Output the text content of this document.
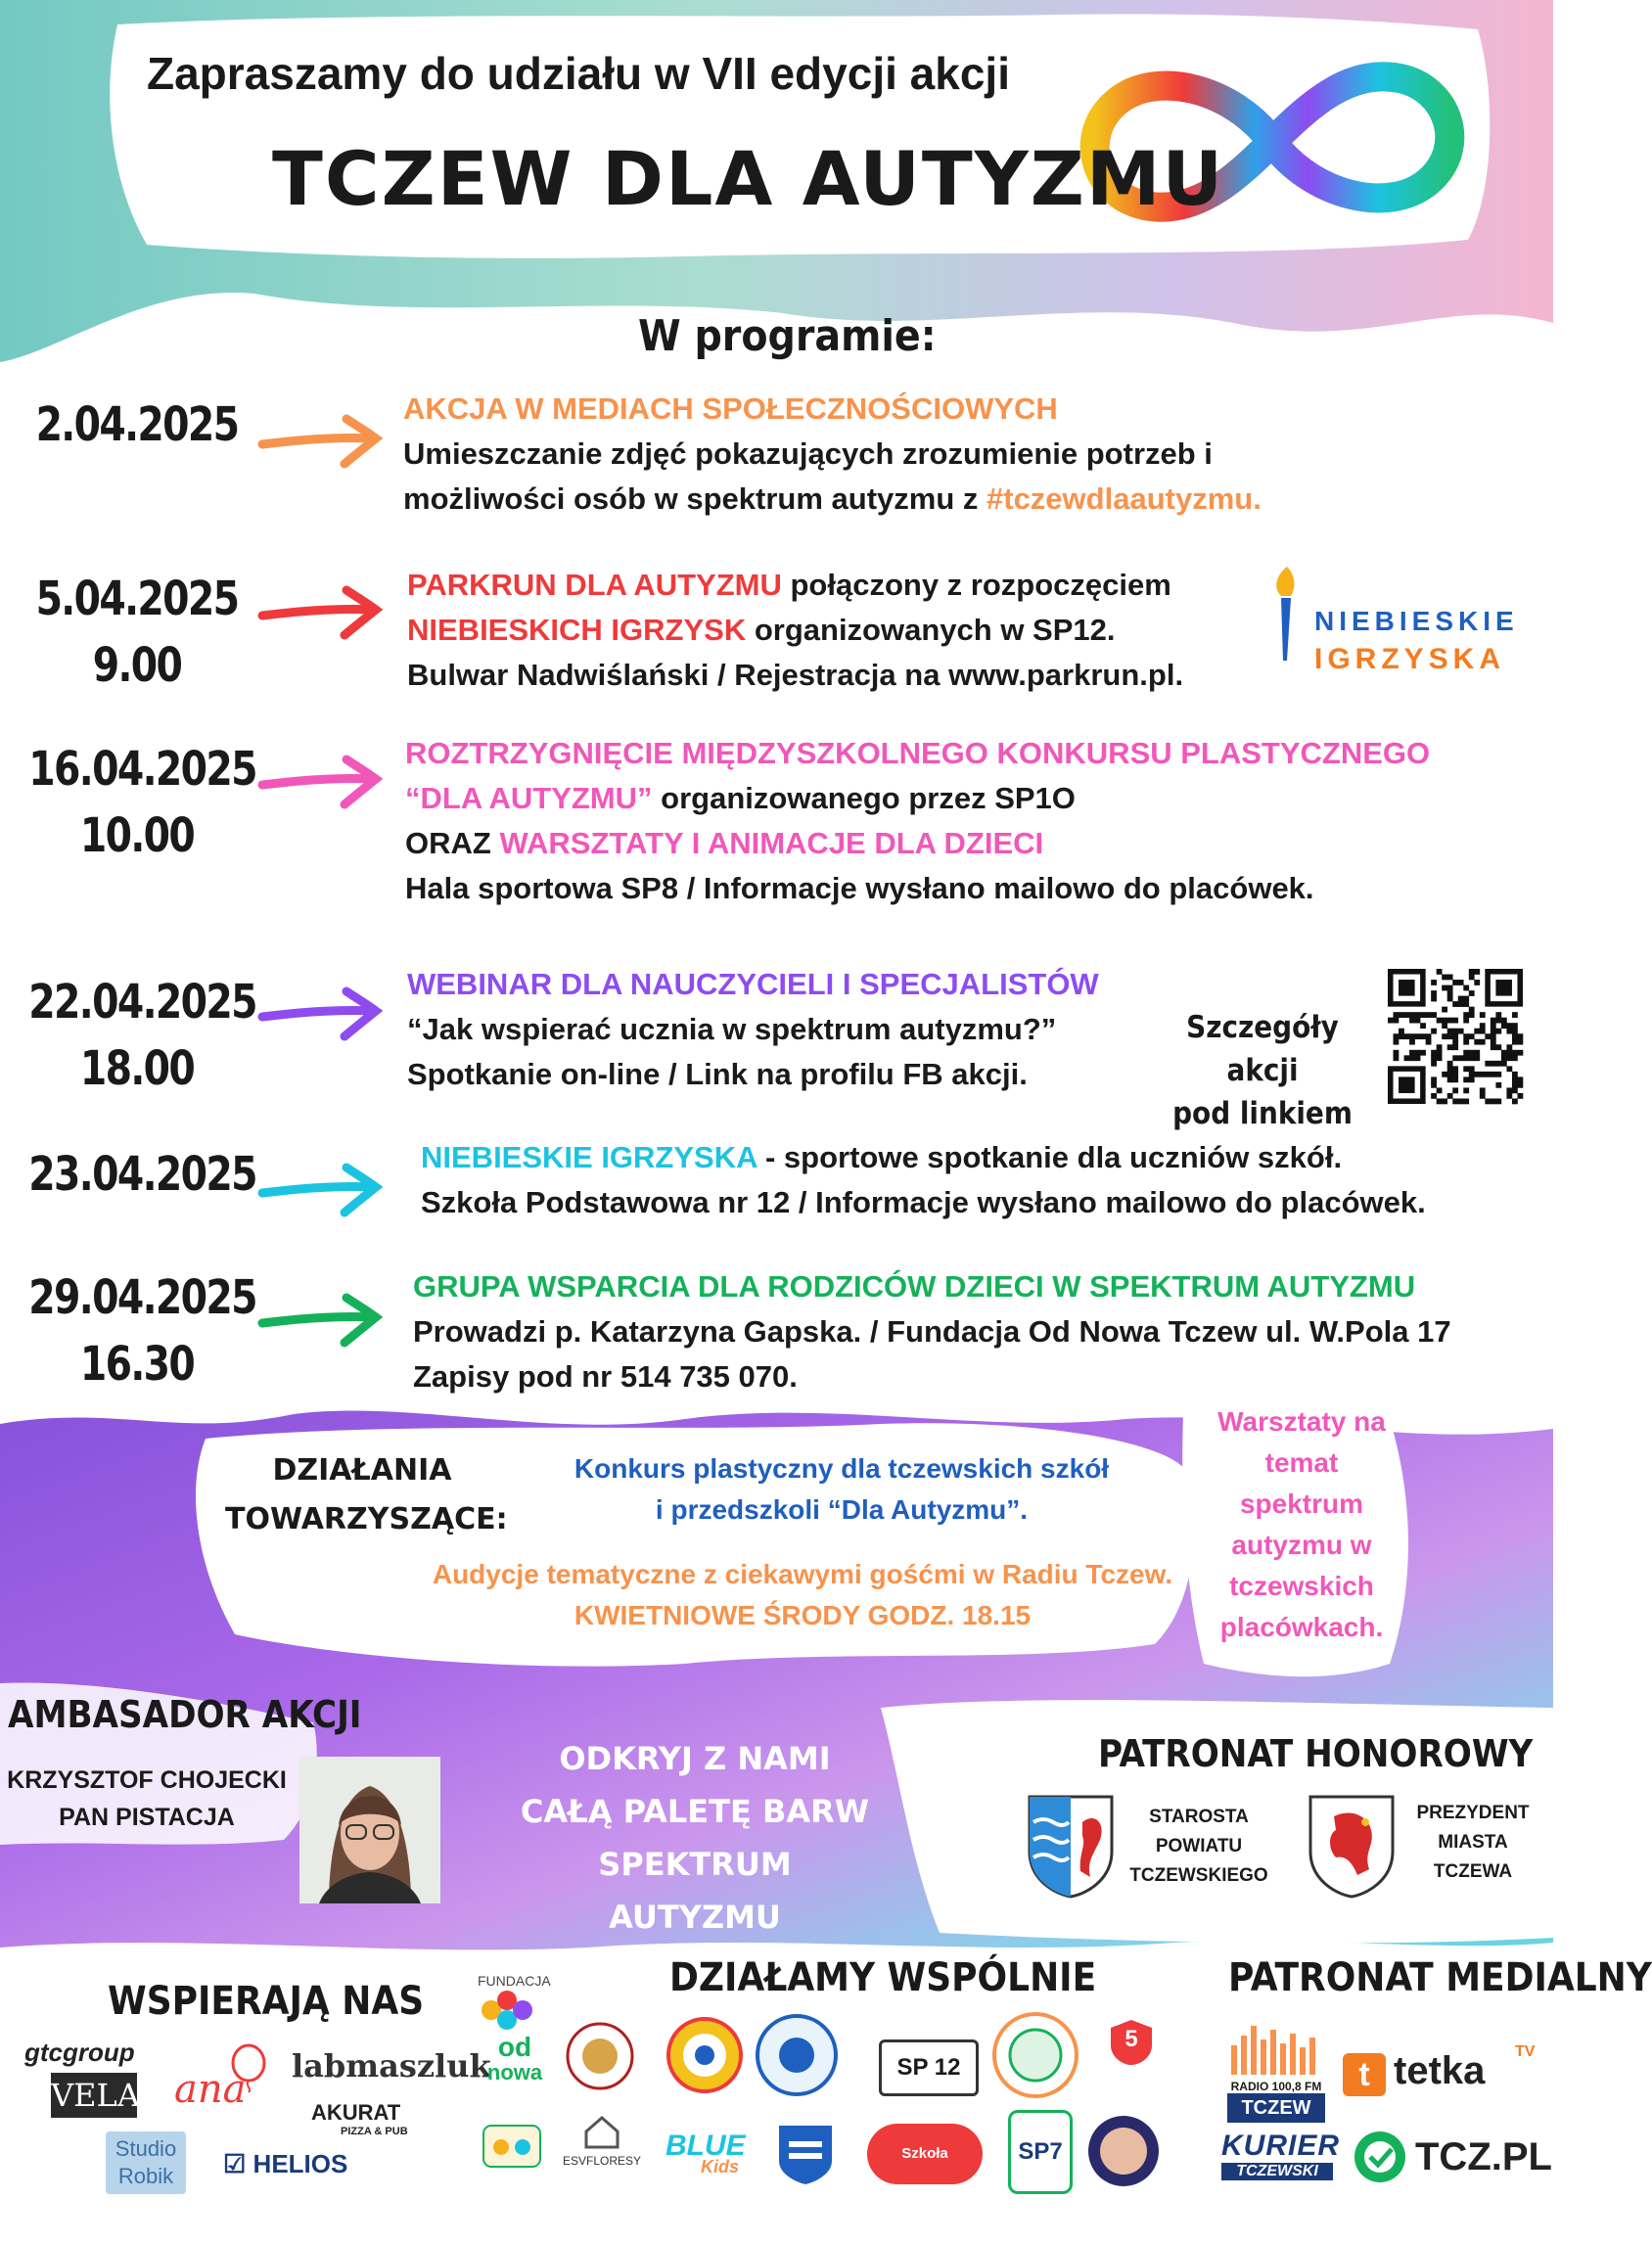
Zapraszamy do udziału w VII edycji akcji
TCZEW DLA AUTYZMU
W programie:
2.04.2025	AKCJA W MEDIACH SPOŁECZNOŚCIOWYCH
Umieszczanie zdjęć pokazujących zrozumienie potrzeb i
możliwości osób w spektrum autyzmu z #tczewdlaautyzmu.
5.04.2025
9.00
PARKRUN DLA AUTYZMU połączony z rozpoczęciem
NIEBIESKICH IGRZYSK organizowanych w SP12.
Bulwar Nadwiślański / Rejestracja na www.parkrun.pl.
16.04.2025
10.00
ROZTRZYGNIĘCIE MIĘDZYSZKOLNEGO KONKURSU PLASTYCZNEGO
“DLA AUTYZMU” organizowanego przez SP1O
ORAZ WARSZTATY I ANIMACJE DLA DZIECI
Hala sportowa SP8 / Informacje wysłano mailowo do placówek.
22.04.2025
18.00
WEBINAR DLA NAUCZYCIELI I SPECJALISTÓW
“Jak wspierać ucznia w spektrum autyzmu?”
Spotkanie on-line / Link na profilu FB akcji.
23.04.2025	NIEBIESKIE IGRZYSKA - sportowe spotkanie dla uczniów szkół.
Szkoła Podstawowa nr 12 / Informacje wysłano mailowo do placówek.
29.04.2025
16.30
GRUPA WSPARCIA DLA RODZICÓW DZIECI W SPEKTRUM AUTYZMU
Prowadzi p. Katarzyna Gapska. / Fundacja Od Nowa Tczew ul. W.Pola 17
Zapisy pod nr 514 735 070.
NIEBIESKIE
IGRZYSKA
Szczegóły akcji
pod linkiem
DZIAŁANIA
TOWARZYSZĄCE:
Konkurs plastyczny dla tczewskich szkół
i przedszkoli “Dla Autyzmu”.
Audycje tematyczne z ciekawymi gośćmi w Radiu Tczew.
KWIETNIOWE ŚRODY GODZ. 18.15
Warsztaty na
temat
spektrum
autyzmu w
tczewskich
placówkach.
AMBASADOR AKCJI
KRZYSZTOF CHOJECKI
PAN PISTACJA
ODKRYJ Z NAMI
CAŁĄ PALETĘ BARW
SPEKTRUM AUTYZMU
PATRONAT HONOROWY
STAROSTA
POWIATU
TCZEWSKIEGO
PREZYDENT
MIASTA
TCZEWA
WSPIERAJĄ NAS
gtcgroup
VELA ana
labmaszluk
AKURAT
PIZZA & PUB
Studio
Robik	☑ HELIOS
DZIAŁAMY WSPÓLNIE
FUNDACJA
od
nowa	SP 12
5
ESVFLORESY BLUE
Kids
Szkoła Sportowa
SP7
PATRONAT MEDIALNY
RADIO 100,8 FM
TCZEW
t tetka TV
KURIER
TCZEWSKI	TCZ.PL
